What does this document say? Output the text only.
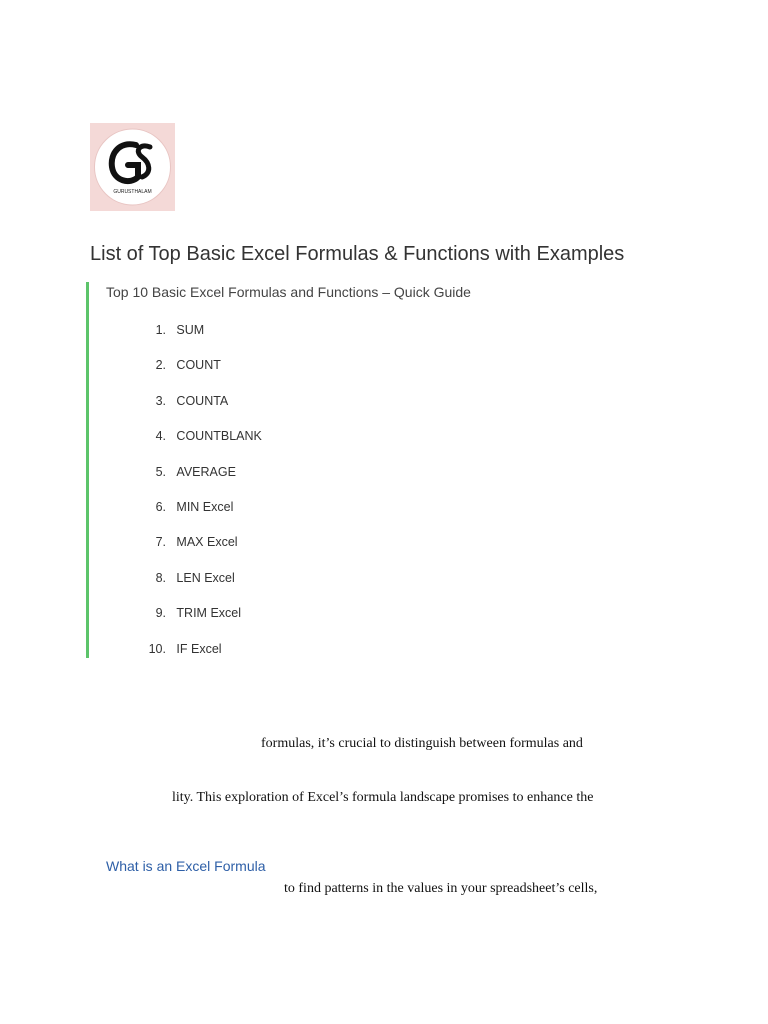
GURUSTHALAM
List of Top Basic Excel Formulas & Functions with Examples
Top 10 Basic Excel Formulas and Functions – Quick Guide
1.
SUM
2.
COUNT
3.
COUNTA
4.
COUNTBLANK
5.
AVERAGE
6.
MIN Excel
7.
MAX Excel
8.
LEN Excel
9.
TRIM Excel
10.
IF Excel
formulas, it’s crucial to distinguish between formulas and
lity. This exploration of Excel’s formula landscape promises to enhance the
What is an Excel Formula
to find patterns in the values in your spreadsheet’s cells,
